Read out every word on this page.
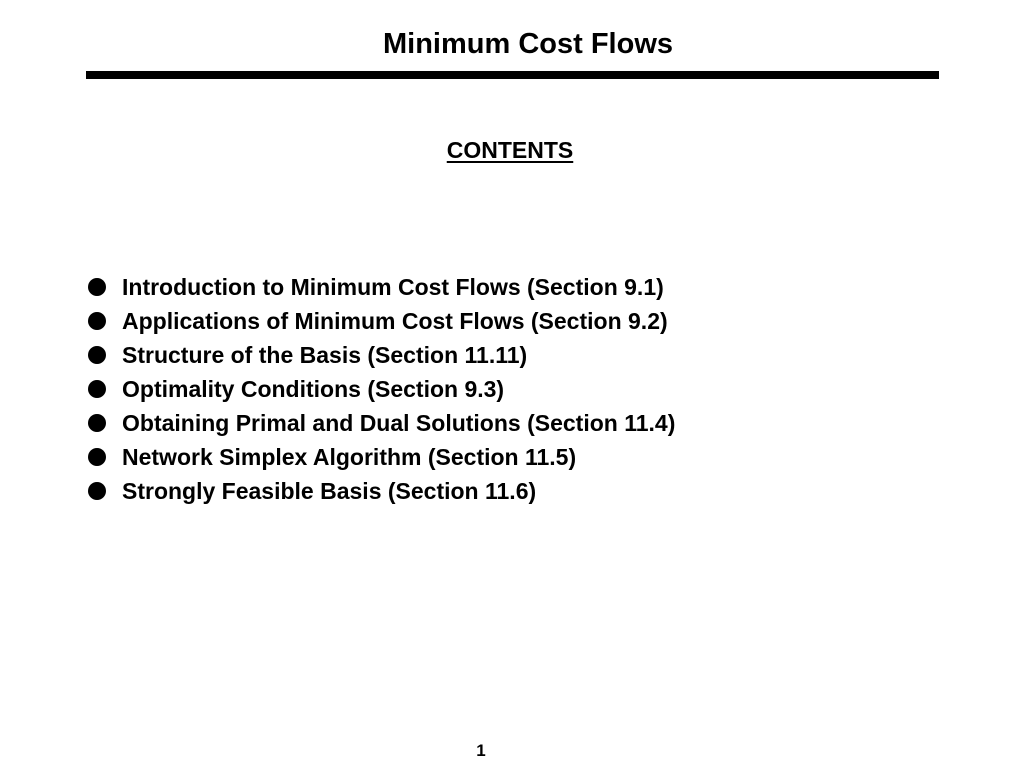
Minimum Cost Flows
CONTENTS
Introduction to Minimum Cost Flows (Section 9.1)
Applications of Minimum Cost Flows (Section 9.2)
Structure of the Basis (Section 11.11)
Optimality Conditions (Section 9.3)
Obtaining Primal and Dual Solutions (Section 11.4)
Network Simplex Algorithm (Section 11.5)
Strongly Feasible Basis (Section 11.6)
1
